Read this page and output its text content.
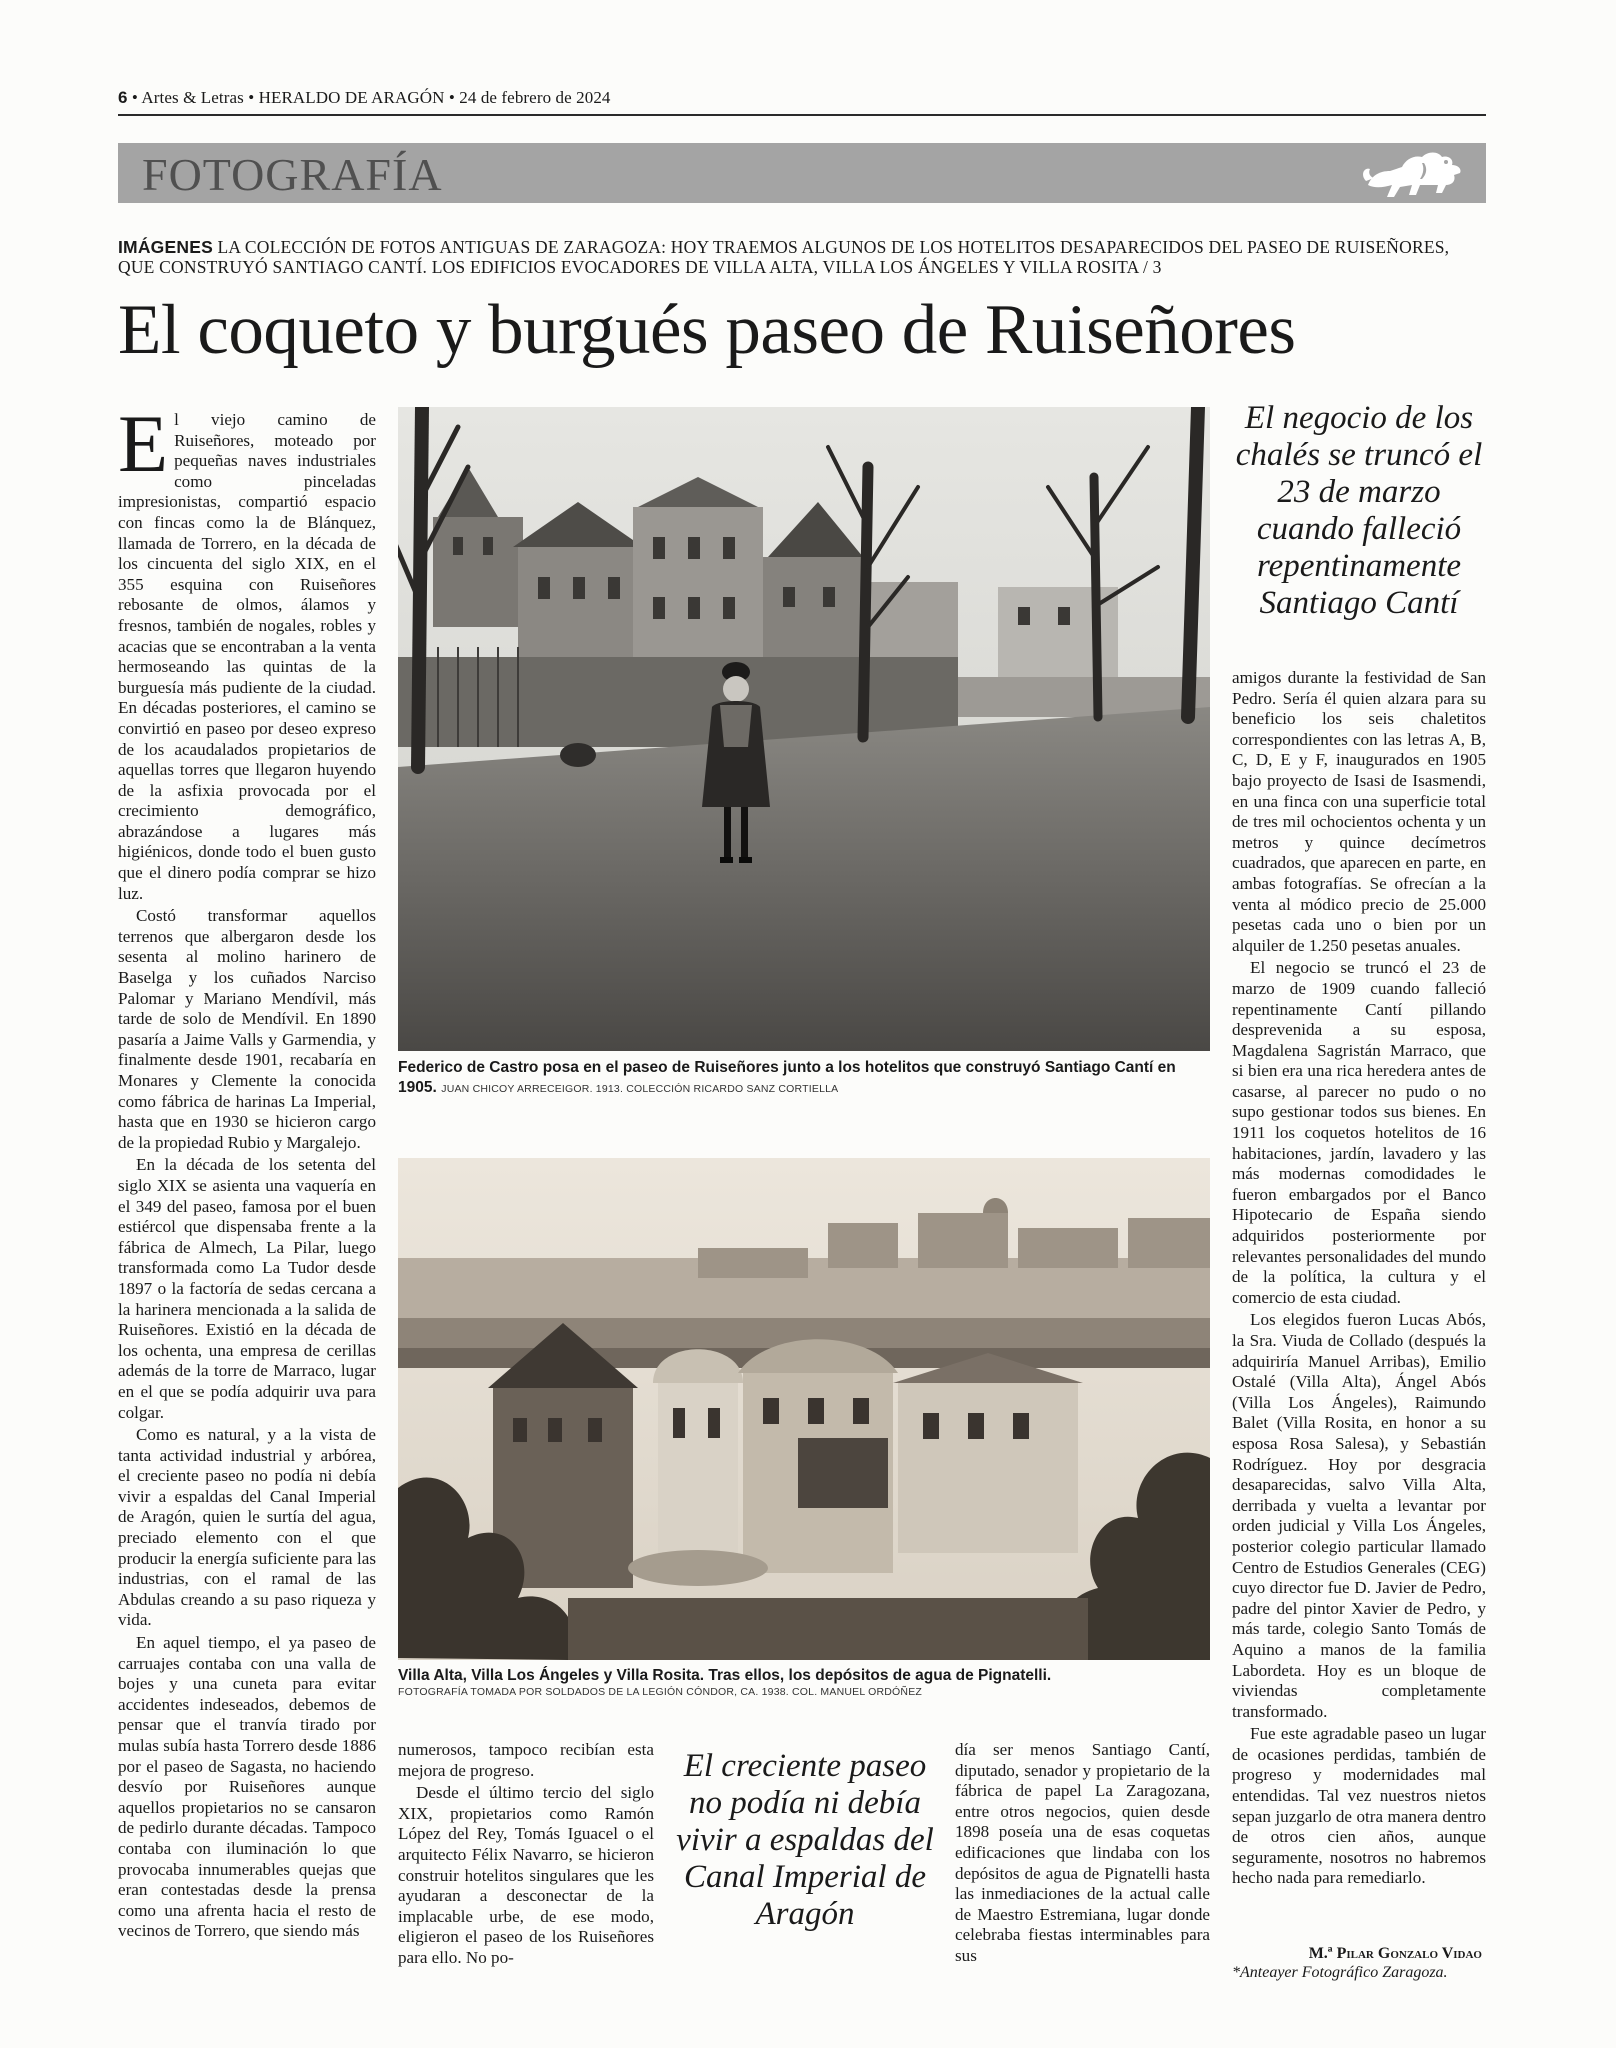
6 • Artes & Letras • HERALDO DE ARAGÓN • 24 de febrero de 2024
FOTOGRAFÍA
IMÁGENES LA COLECCIÓN DE FOTOS ANTIGUAS DE ZARAGOZA: HOY TRAEMOS ALGUNOS DE LOS HOTELITOS DESAPARECIDOS DEL PASEO DE RUISEÑORES, QUE CONSTRUYÓ SANTIAGO CANTÍ. LOS EDIFICIOS EVOCADORES DE VILLA ALTA, VILLA LOS ÁNGELES Y VILLA ROSITA / 3
El coqueto y burgués paseo de Ruiseñores

El viejo camino de Ruiseñores, moteado por pequeñas naves industriales como pinceladas impresionistas, compartió espacio con fincas como la de Blánquez, llamada de Torrero, en la década de los cincuenta del siglo XIX, en el 355 esquina con Ruiseñores rebosante de olmos, álamos y fresnos, también de nogales, robles y acacias que se encontraban a la venta hermoseando las quintas de la burguesía más pudiente de la ciudad. En décadas posteriores, el camino se convirtió en paseo por deseo expreso de los acaudalados propietarios de aquellas torres que llegaron huyendo de la asfixia provocada por el crecimiento demográfico, abrazándose a lugares más higiénicos, donde todo el buen gusto que el dinero podía comprar se hizo luz.

Costó transformar aquellos terrenos que albergaron desde los sesenta al molino harinero de Baselga y los cuñados Narciso Palomar y Mariano Mendívil, más tarde de solo de Mendívil. En 1890 pasaría a Jaime Valls y Garmendia, y finalmente desde 1901, recabaría en Monares y Clemente la conocida como fábrica de harinas La Imperial, hasta que en 1930 se hicieron cargo de la propiedad Rubio y Margalejo.

En la década de los setenta del siglo XIX se asienta una vaquería en el 349 del paseo, famosa por el buen estiércol que dispensaba frente a la fábrica de Almech, La Pilar, luego transformada como La Tudor desde 1897 o la factoría de sedas cercana a la harinera mencionada a la salida de Ruiseñores. Existió en la década de los ochenta, una empresa de cerillas además de la torre de Marraco, lugar en el que se podía adquirir uva para colgar.

Como es natural, y a la vista de tanta actividad industrial y arbórea, el creciente paseo no podía ni debía vivir a espaldas del Canal Imperial de Aragón, quien le surtía del agua, preciado elemento con el que producir la energía suficiente para las industrias, con el ramal de las Abdulas creando a su paso riqueza y vida.

En aquel tiempo, el ya paseo de carruajes contaba con una valla de bojes y una cuneta para evitar accidentes indeseados, debemos de pensar que el tranvía tirado por mulas subía hasta Torrero desde 1886 por el paseo de Sagasta, no haciendo desvío por Ruiseñores aunque aquellos propietarios no se cansaron de pedirlo durante décadas. Tampoco contaba con iluminación lo que provocaba innumerables quejas que eran contestadas desde la prensa como una afrenta hacia el resto de vecinos de Torrero, que siendo más

Federico de Castro posa en el paseo de Ruiseñores junto a los hotelitos que construyó Santiago Cantí en 1905. JUAN CHICOY ARRECEIGOR. 1913. COLECCIÓN RICARDO SANZ CORTIELLA
Villa Alta, Villa Los Ángeles y Villa Rosita. Tras ellos, los depósitos de agua de Pignatelli.
FOTOGRAFÍA TOMADA POR SOLDADOS DE LA LEGIÓN CÓNDOR, CA. 1938. COL. MANUEL ORDÓÑEZ
El negocio de los chalés se truncó el 23 de marzo cuando falleció repentinamente Santiago Cantí
El creciente paseo no podía ni debía vivir a espaldas del Canal Imperial de Aragón

numerosos, tampoco recibían esta mejora de progreso.

Desde el último tercio del siglo XIX, propietarios como Ramón López del Rey, Tomás Iguacel o el arquitecto Félix Navarro, se hicieron construir hotelitos singulares que les ayudaran a desconectar de la implacable urbe, de ese modo, eligieron el paseo de los Ruiseñores para ello. No po-

día ser menos Santiago Cantí, diputado, senador y propietario de la fábrica de papel La Zaragozana, entre otros negocios, quien desde 1898 poseía una de esas coquetas edificaciones que lindaba con los depósitos de agua de Pignatelli hasta las inmediaciones de la actual calle de Maestro Estremiana, lugar donde celebraba fiestas interminables para sus

amigos durante la festividad de San Pedro. Sería él quien alzara para su beneficio los seis chaletitos correspondientes con las letras A, B, C, D, E y F, inaugurados en 1905 bajo proyecto de Isasi de Isasmendi, en una finca con una superficie total de tres mil ochocientos ochenta y un metros y quince decímetros cuadrados, que aparecen en parte, en ambas fotografías. Se ofrecían a la venta al módico precio de 25.000 pesetas cada uno o bien por un alquiler de 1.250 pesetas anuales.

El negocio se truncó el 23 de marzo de 1909 cuando falleció repentinamente Cantí pillando desprevenida a su esposa, Magdalena Sagristán Marraco, que si bien era una rica heredera antes de casarse, al parecer no pudo o no supo gestionar todos sus bienes. En 1911 los coquetos hotelitos de 16 habitaciones, jardín, lavadero y las más modernas comodidades le fueron embargados por el Banco Hipotecario de España siendo adquiridos posteriormente por relevantes personalidades del mundo de la política, la cultura y el comercio de esta ciudad.

Los elegidos fueron Lucas Abós, la Sra. Viuda de Collado (después la adquiriría Manuel Arribas), Emilio Ostalé (Villa Alta), Ángel Abós (Villa Los Ángeles), Raimundo Balet (Villa Rosita, en honor a su esposa Rosa Salesa), y Sebastián Rodríguez. Hoy por desgracia desaparecidas, salvo Villa Alta, derribada y vuelta a levantar por orden judicial y Villa Los Ángeles, posterior colegio particular llamado Centro de Estudios Generales (CEG) cuyo director fue D. Javier de Pedro, padre del pintor Xavier de Pedro, y más tarde, colegio Santo Tomás de Aquino a manos de la familia Labordeta. Hoy es un bloque de viviendas completamente transformado.

Fue este agradable paseo un lugar de ocasiones perdidas, también de progreso y modernidades mal entendidas. Tal vez nuestros nietos sepan juzgarlo de otra manera dentro de otros cien años, aunque seguramente, nosotros no habremos hecho nada para remediarlo.

M.ª Pilar Gonzalo Vidao
*Anteayer Fotográfico Zaragoza.
